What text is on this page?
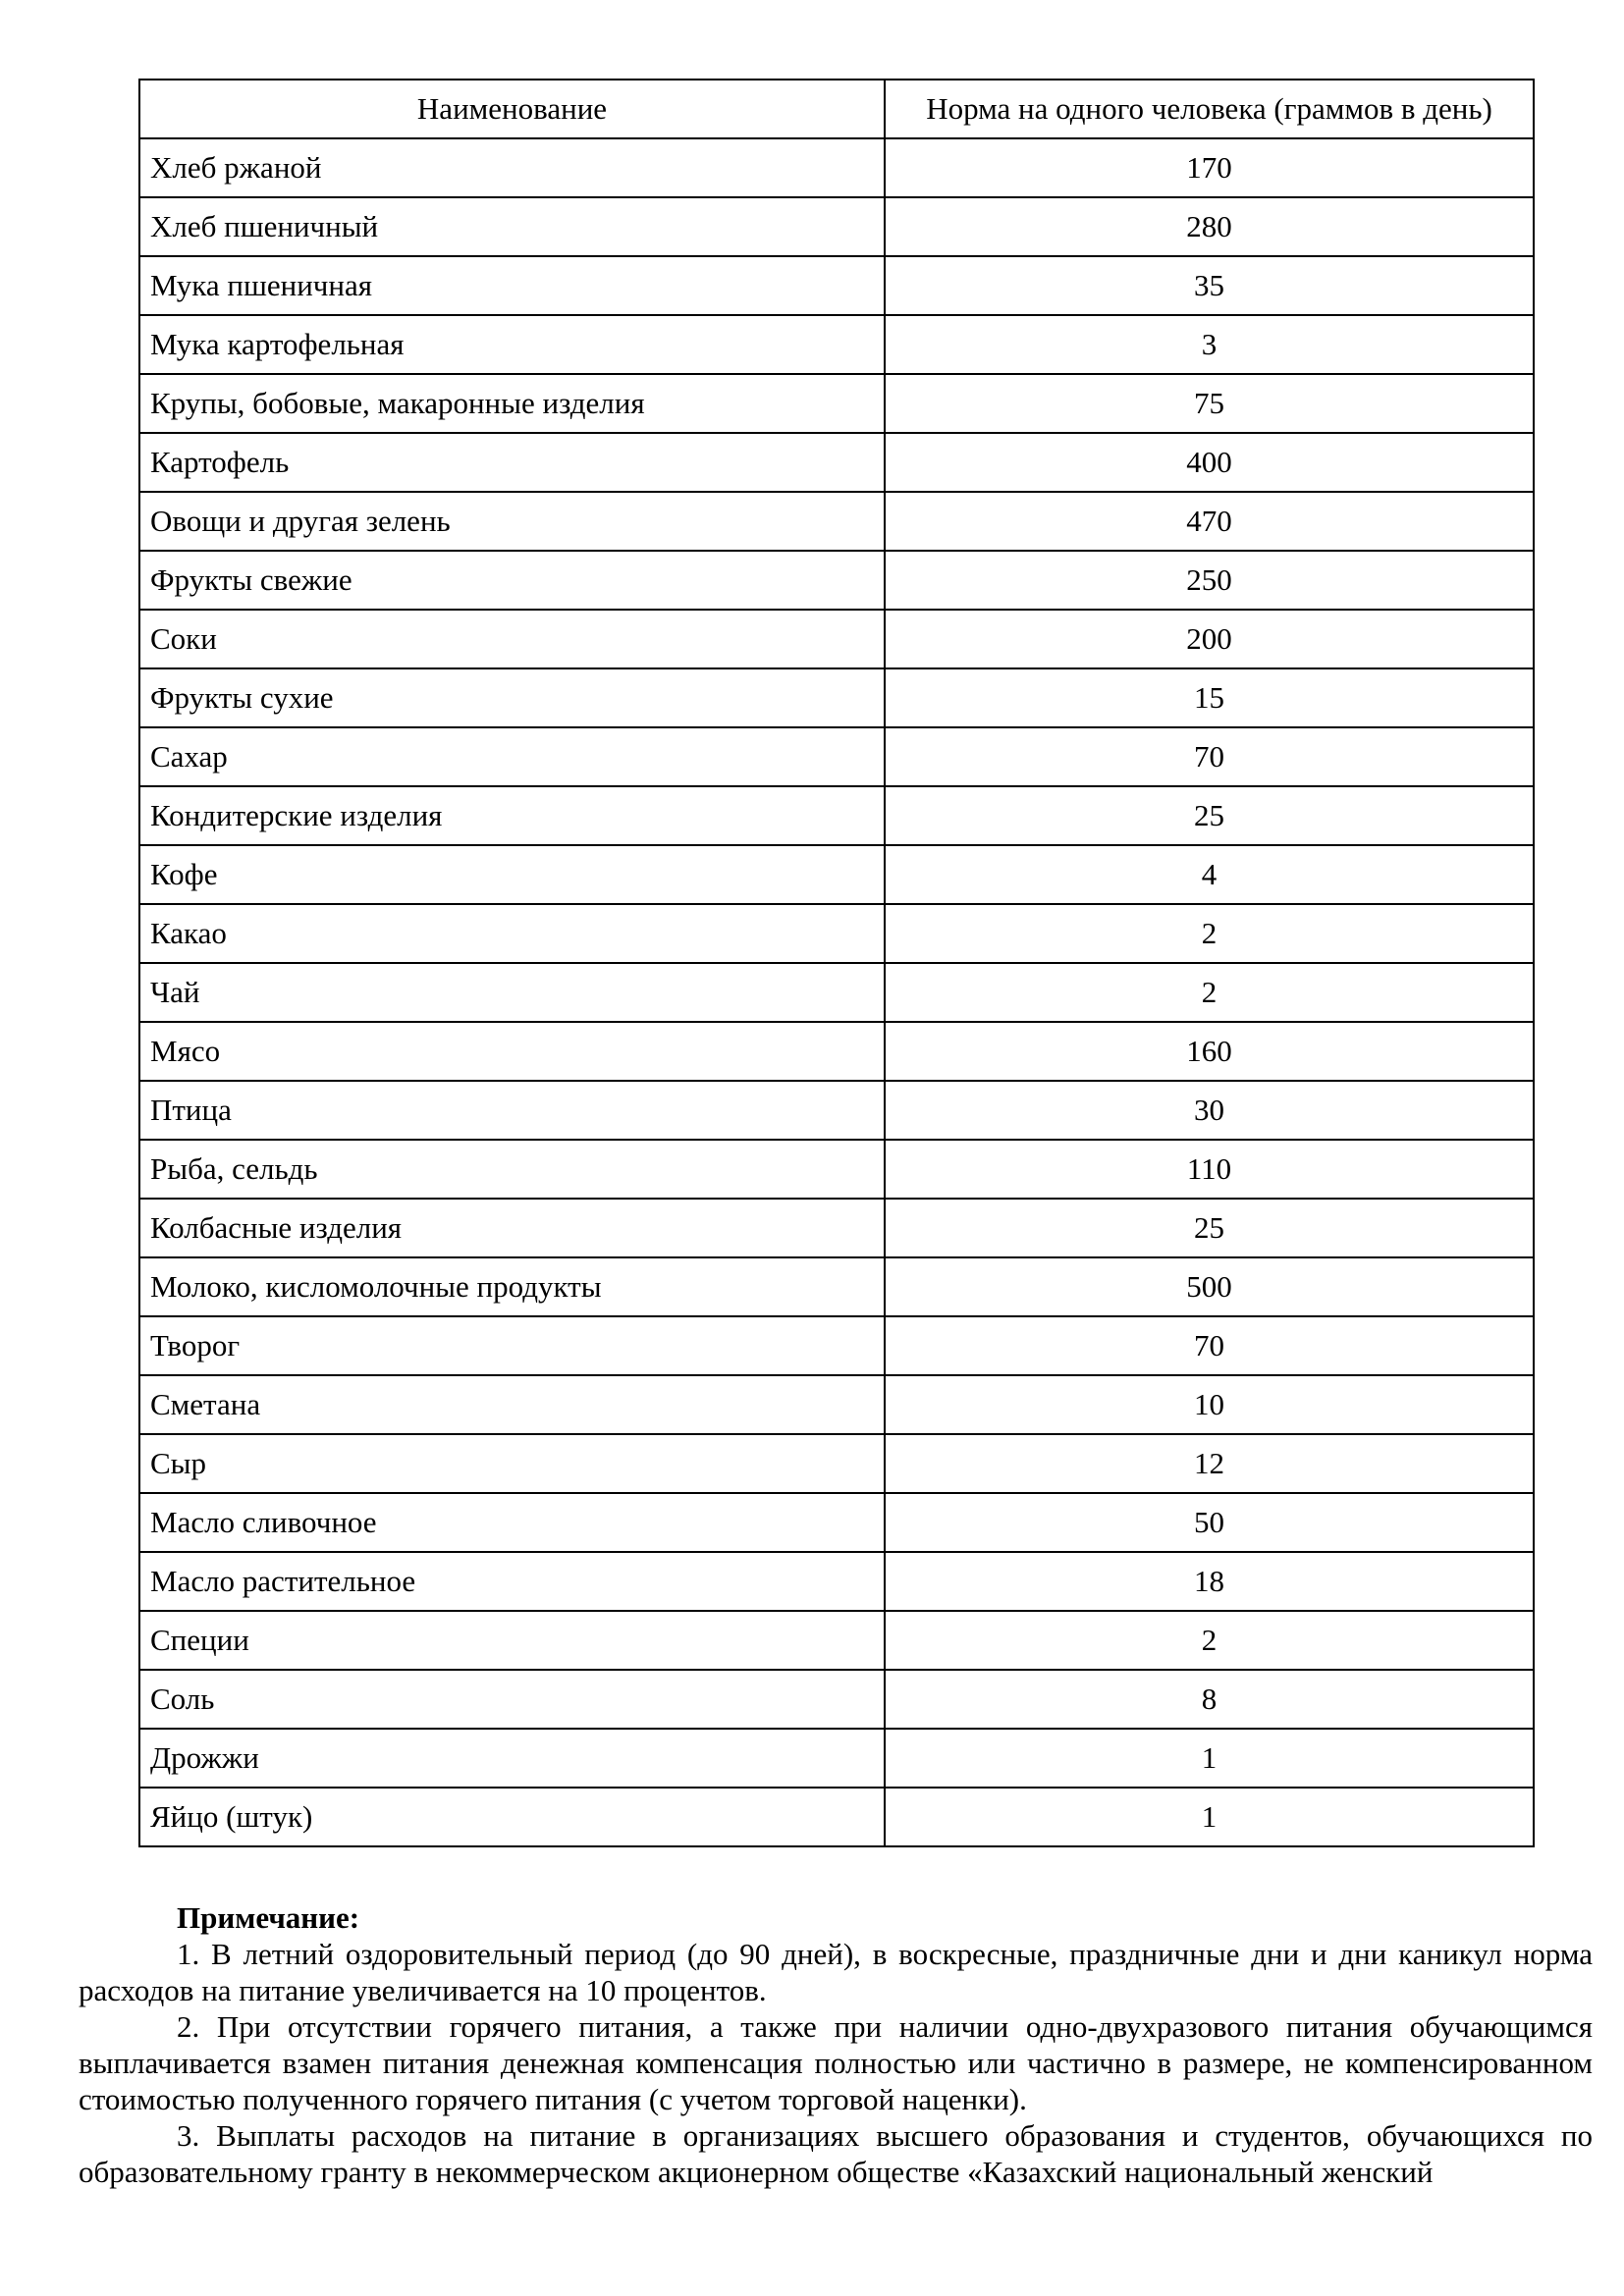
Наименование	Норма на одного человека (граммов в день)
Хлеб ржаной	170
Хлеб пшеничный	280
Мука пшеничная	35
Мука картофельная	3
Крупы, бобовые, макаронные изделия	75
Картофель	400
Овощи и другая зелень	470
Фрукты свежие	250
Соки	200
Фрукты сухие	15
Сахар	70
Кондитерские изделия	25
Кофе	4
Какао	2
Чай	2
Мясо	160
Птица	30
Рыба, сельдь	110
Колбасные изделия	25
Молоко, кисломолочные продукты	500
Творог	70
Сметана	10
Сыр	12
Масло сливочное	50
Масло растительное	18
Специи	2
Соль	8
Дрожжи	1
Яйцо (штук)	1
Примечание:

1. В летний оздоровительный период (до 90 дней), в воскресные, праздничные дни и дни каникул норма расходов на питание увеличивается на 10 процентов.

2. При отсутствии горячего питания, а также при наличии одно-двухразового питания обучающимся выплачивается взамен питания денежная компенсация полностью или частично в размере, не компенсированном стоимостью полученного горячего питания (с учетом торговой наценки).

3. Выплаты расходов на питание в организациях высшего образования и студентов, обучающихся по образовательному гранту в некоммерческом акционерном обществе «Казахский национальный женский
